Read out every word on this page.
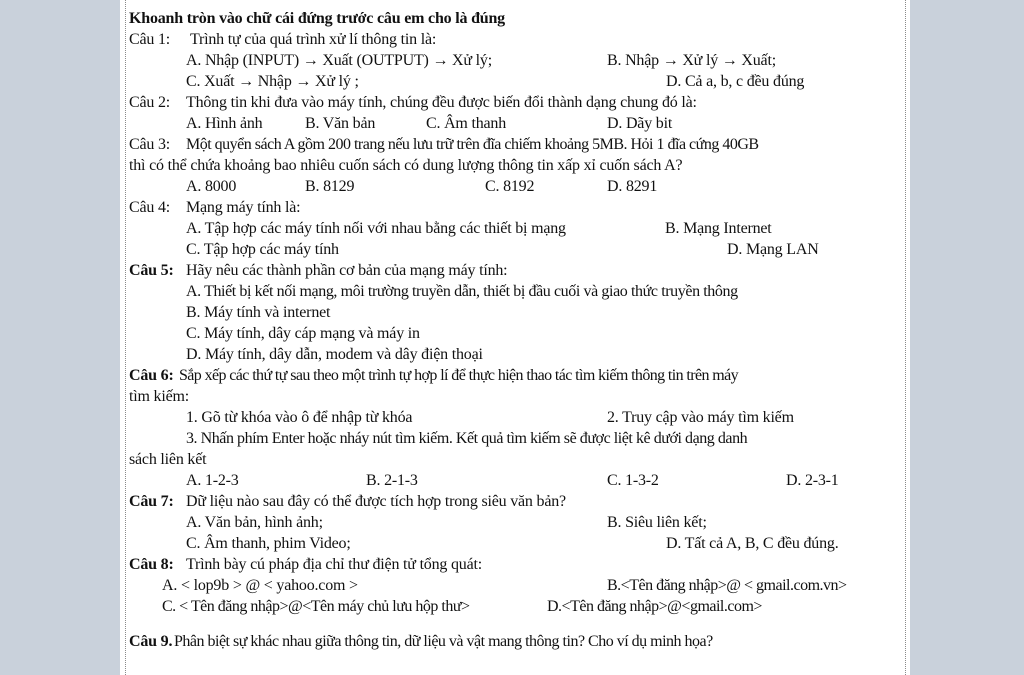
Khoanh tròn vào chữ cái đứng trước câu em cho là đúng
Câu 1: Trình tự của quá trình xử lí thông tin là:
A. Nhập (INPUT) → Xuất (OUTPUT) → Xử lý;	B. Nhập → Xử lý → Xuất;
C. Xuất → Nhập → Xử lý ;	D. Cả a, b, c đều đúng
Câu 2: Thông tin khi đưa vào máy tính, chúng đều được biến đổi thành dạng chung đó là:
A. Hình ảnh	B. Văn bản	C. Âm thanh	D. Dãy bit
Câu 3: Một quyển sách A gồm 200 trang nếu lưu trữ trên đĩa chiếm khoảng 5MB. Hỏi 1 đĩa cứng 40GB
thì có thể chứa khoảng bao nhiêu cuốn sách có dung lượng thông tin xấp xỉ cuốn sách A?
A. 8000	B. 8129	C. 8192	D. 8291
Câu 4: Mạng máy tính là:
A. Tập hợp các máy tính nối với nhau bằng các thiết bị mạng	B. Mạng Internet
C. Tập hợp các máy tính	D. Mạng LAN
Câu 5: Hãy nêu các thành phần cơ bản của mạng máy tính:
A. Thiết bị kết nối mạng, môi trường truyền dẫn, thiết bị đầu cuối và giao thức truyền thông
B. Máy tính và internet
C. Máy tính, dây cáp mạng và máy in
D. Máy tính, dây dẫn, modem và dây điện thoại
Câu 6: Sắp xếp các thứ tự sau theo một trình tự hợp lí để thực hiện thao tác tìm kiếm thông tin trên máy
tìm kiếm:
1. Gõ từ khóa vào ô để nhập từ khóa	2. Truy cập vào máy tìm kiếm
3. Nhấn phím Enter hoặc nháy nút tìm kiếm. Kết quả tìm kiếm sẽ được liệt kê dưới dạng danh
sách liên kết
A. 1-2-3	B. 2-1-3	C. 1-3-2	D. 2-3-1
Câu 7: Dữ liệu nào sau đây có thể được tích hợp trong siêu văn bản?
A. Văn bản, hình ảnh;	B. Siêu liên kết;
C. Âm thanh, phim Video;	D. Tất cả A, B, C đều đúng.
Câu 8: Trình bày cú pháp địa chỉ thư điện tử tổng quát:
A. < lop9b > @ < yahoo.com >	B.<Tên đăng nhập>@ < gmail.com.vn>
C. < Tên đăng nhập>@<Tên máy chủ lưu hộp thư>	D.<Tên đăng nhập>@<gmail.com>
Câu 9. Phân biệt sự khác nhau giữa thông tin, dữ liệu và vật mang thông tin? Cho ví dụ minh họa?
